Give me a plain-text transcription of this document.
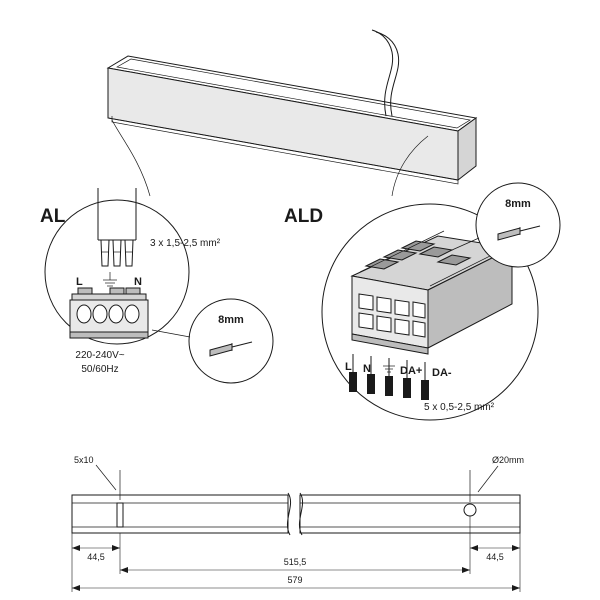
L	N
220-240V~
50/60Hz
AL
3 x 1,5-2,5 mm²
8mm
L N	DA+ DA-
5 x 0,5-2,5 mm²
ALD
8mm
5x10	Ø20mm
44,5	44,5
515,5
579
